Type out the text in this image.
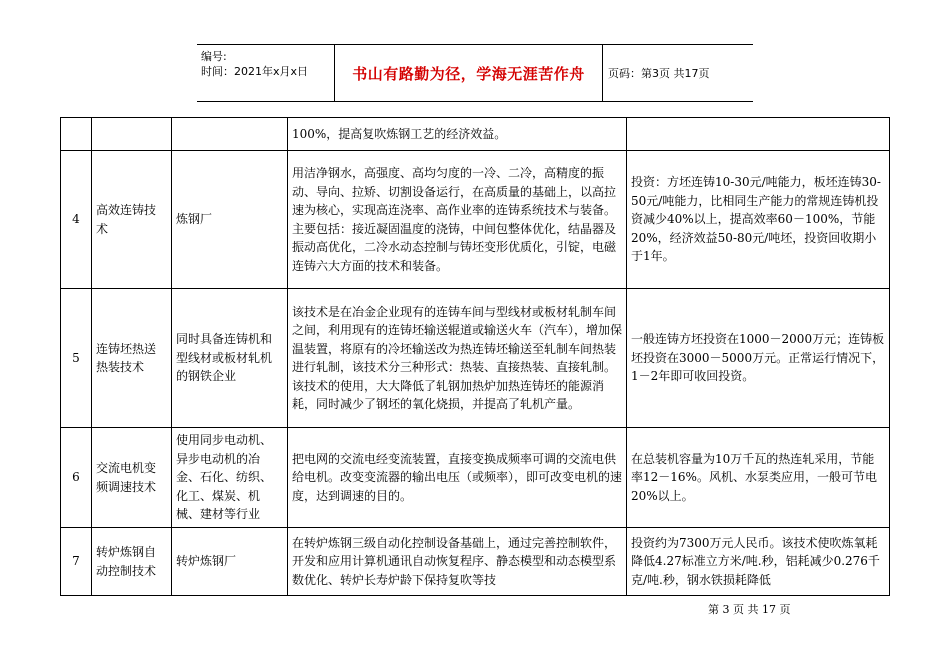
编号:
时间：2021年x月x日	书山有路勤为径，学海无涯苦作舟	页码：第3页 共17页
			100%，提高复吹炼钢工艺的经济效益。	
4	高效连铸技术	炼钢厂	用洁净钢水，高强度、高均匀度的一冷、二冷，高精度的振动、导向、拉矫、切割设备运行，在高质量的基础上，以高拉速为核心，实现高连浇率、高作业率的连铸系统技术与装备。主要包括：接近凝固温度的浇铸，中间包整体优化，结晶器及振动高优化，二冷水动态控制与铸坯变形优质化，引锭，电磁连铸六大方面的技术和装备。	投资：方坯连铸10-30元/吨能力，板坯连铸30-50元/吨能力，比相同生产能力的常规连铸机投资减少40%以上，提高效率60－100%，节能20%，经济效益50-80元/吨坯，投资回收期小于1年。
5	连铸坯热送热装技术	同时具备连铸机和型线材或板材轧机的钢铁企业	该技术是在冶金企业现有的连铸车间与型线材或板材轧制车间之间，利用现有的连铸坯输送辊道或输送火车（汽车），增加保温装置，将原有的冷坯输送改为热连铸坯输送至轧制车间热装进行轧制，该技术分三种形式：热装、直接热装、直接轧制。该技术的使用，大大降低了轧钢加热炉加热连铸坯的能源消耗，同时减少了钢坯的氧化烧损，并提高了轧机产量。	一般连铸方坯投资在1000－2000万元；连铸板坯投资在3000－5000万元。正常运行情况下，1－2年即可收回投资。
6	交流电机变频调速技术	使用同步电动机、异步电动机的冶金、石化、纺织、化工、煤炭、机械、建材等行业	把电网的交流电经变流装置，直接变换成频率可调的交流电供给电机。改变变流器的输出电压（或频率），即可改变电机的速度，达到调速的目的。	在总装机容量为10万千瓦的热连轧采用，节能率12－16%。风机、水泵类应用，一般可节电20%以上。
7	转炉炼钢自动控制技术	转炉炼钢厂	在转炉炼钢三级自动化控制设备基础上，通过完善控制软件，开发和应用计算机通讯自动恢复程序、静态模型和动态模型系数优化、转炉长寿炉龄下保持复吹等技	投资约为7300万元人民币。该技术使吹炼氧耗降低4.27标准立方米/吨.秒，铝耗减少0.276千克/吨.秒，钢水铁损耗降低
第 3 页 共 17 页
